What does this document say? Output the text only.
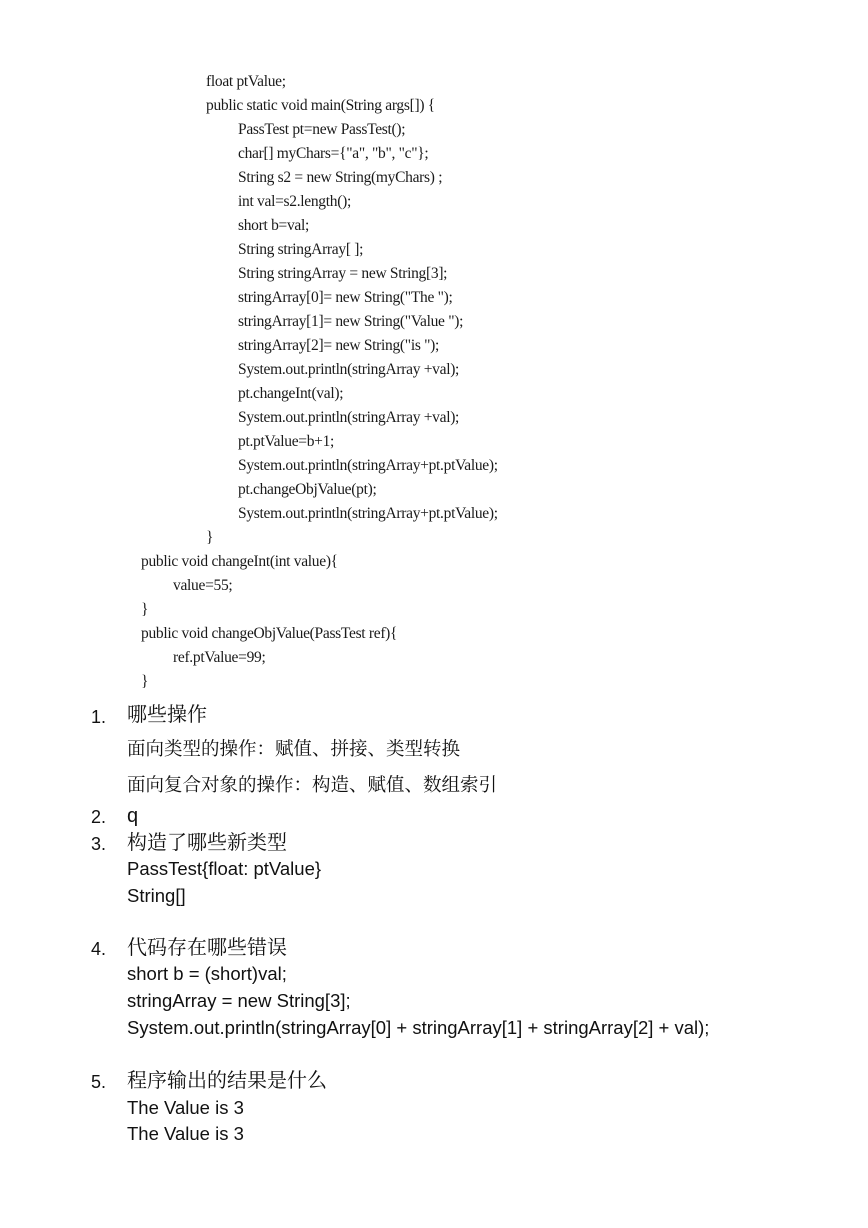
float ptValue;
public static void main(String args[]) {
PassTest pt=new PassTest();
char[] myChars={"a", "b", "c"};
String s2 = new String(myChars) ;
int val=s2.length();
short b=val;
String stringArray[ ];
String stringArray = new String[3];
stringArray[0]= new String("The ");
stringArray[1]= new String("Value ");
stringArray[2]= new String("is ");
System.out.println(stringArray +val);
pt.changeInt(val);
System.out.println(stringArray +val);
pt.ptValue=b+1;
System.out.println(stringArray+pt.ptValue);
pt.changeObjValue(pt);
System.out.println(stringArray+pt.ptValue);
}
public void changeInt(int value){
value=55;
}
public void changeObjValue(PassTest ref){
ref.ptValue=99;
}
1. 哪些操作
面向类型的操作：赋值、拼接、类型转换
面向复合对象的操作：构造、赋值、数组索引
2. q
3. 构造了哪些新类型
PassTest{float: ptValue}
String[]
4. 代码存在哪些错误
short b = (short)val;
stringArray = new String[3];
System.out.println(stringArray[0] + stringArray[1] + stringArray[2] + val);
5. 程序输出的结果是什么
The Value is 3
The Value is 3
